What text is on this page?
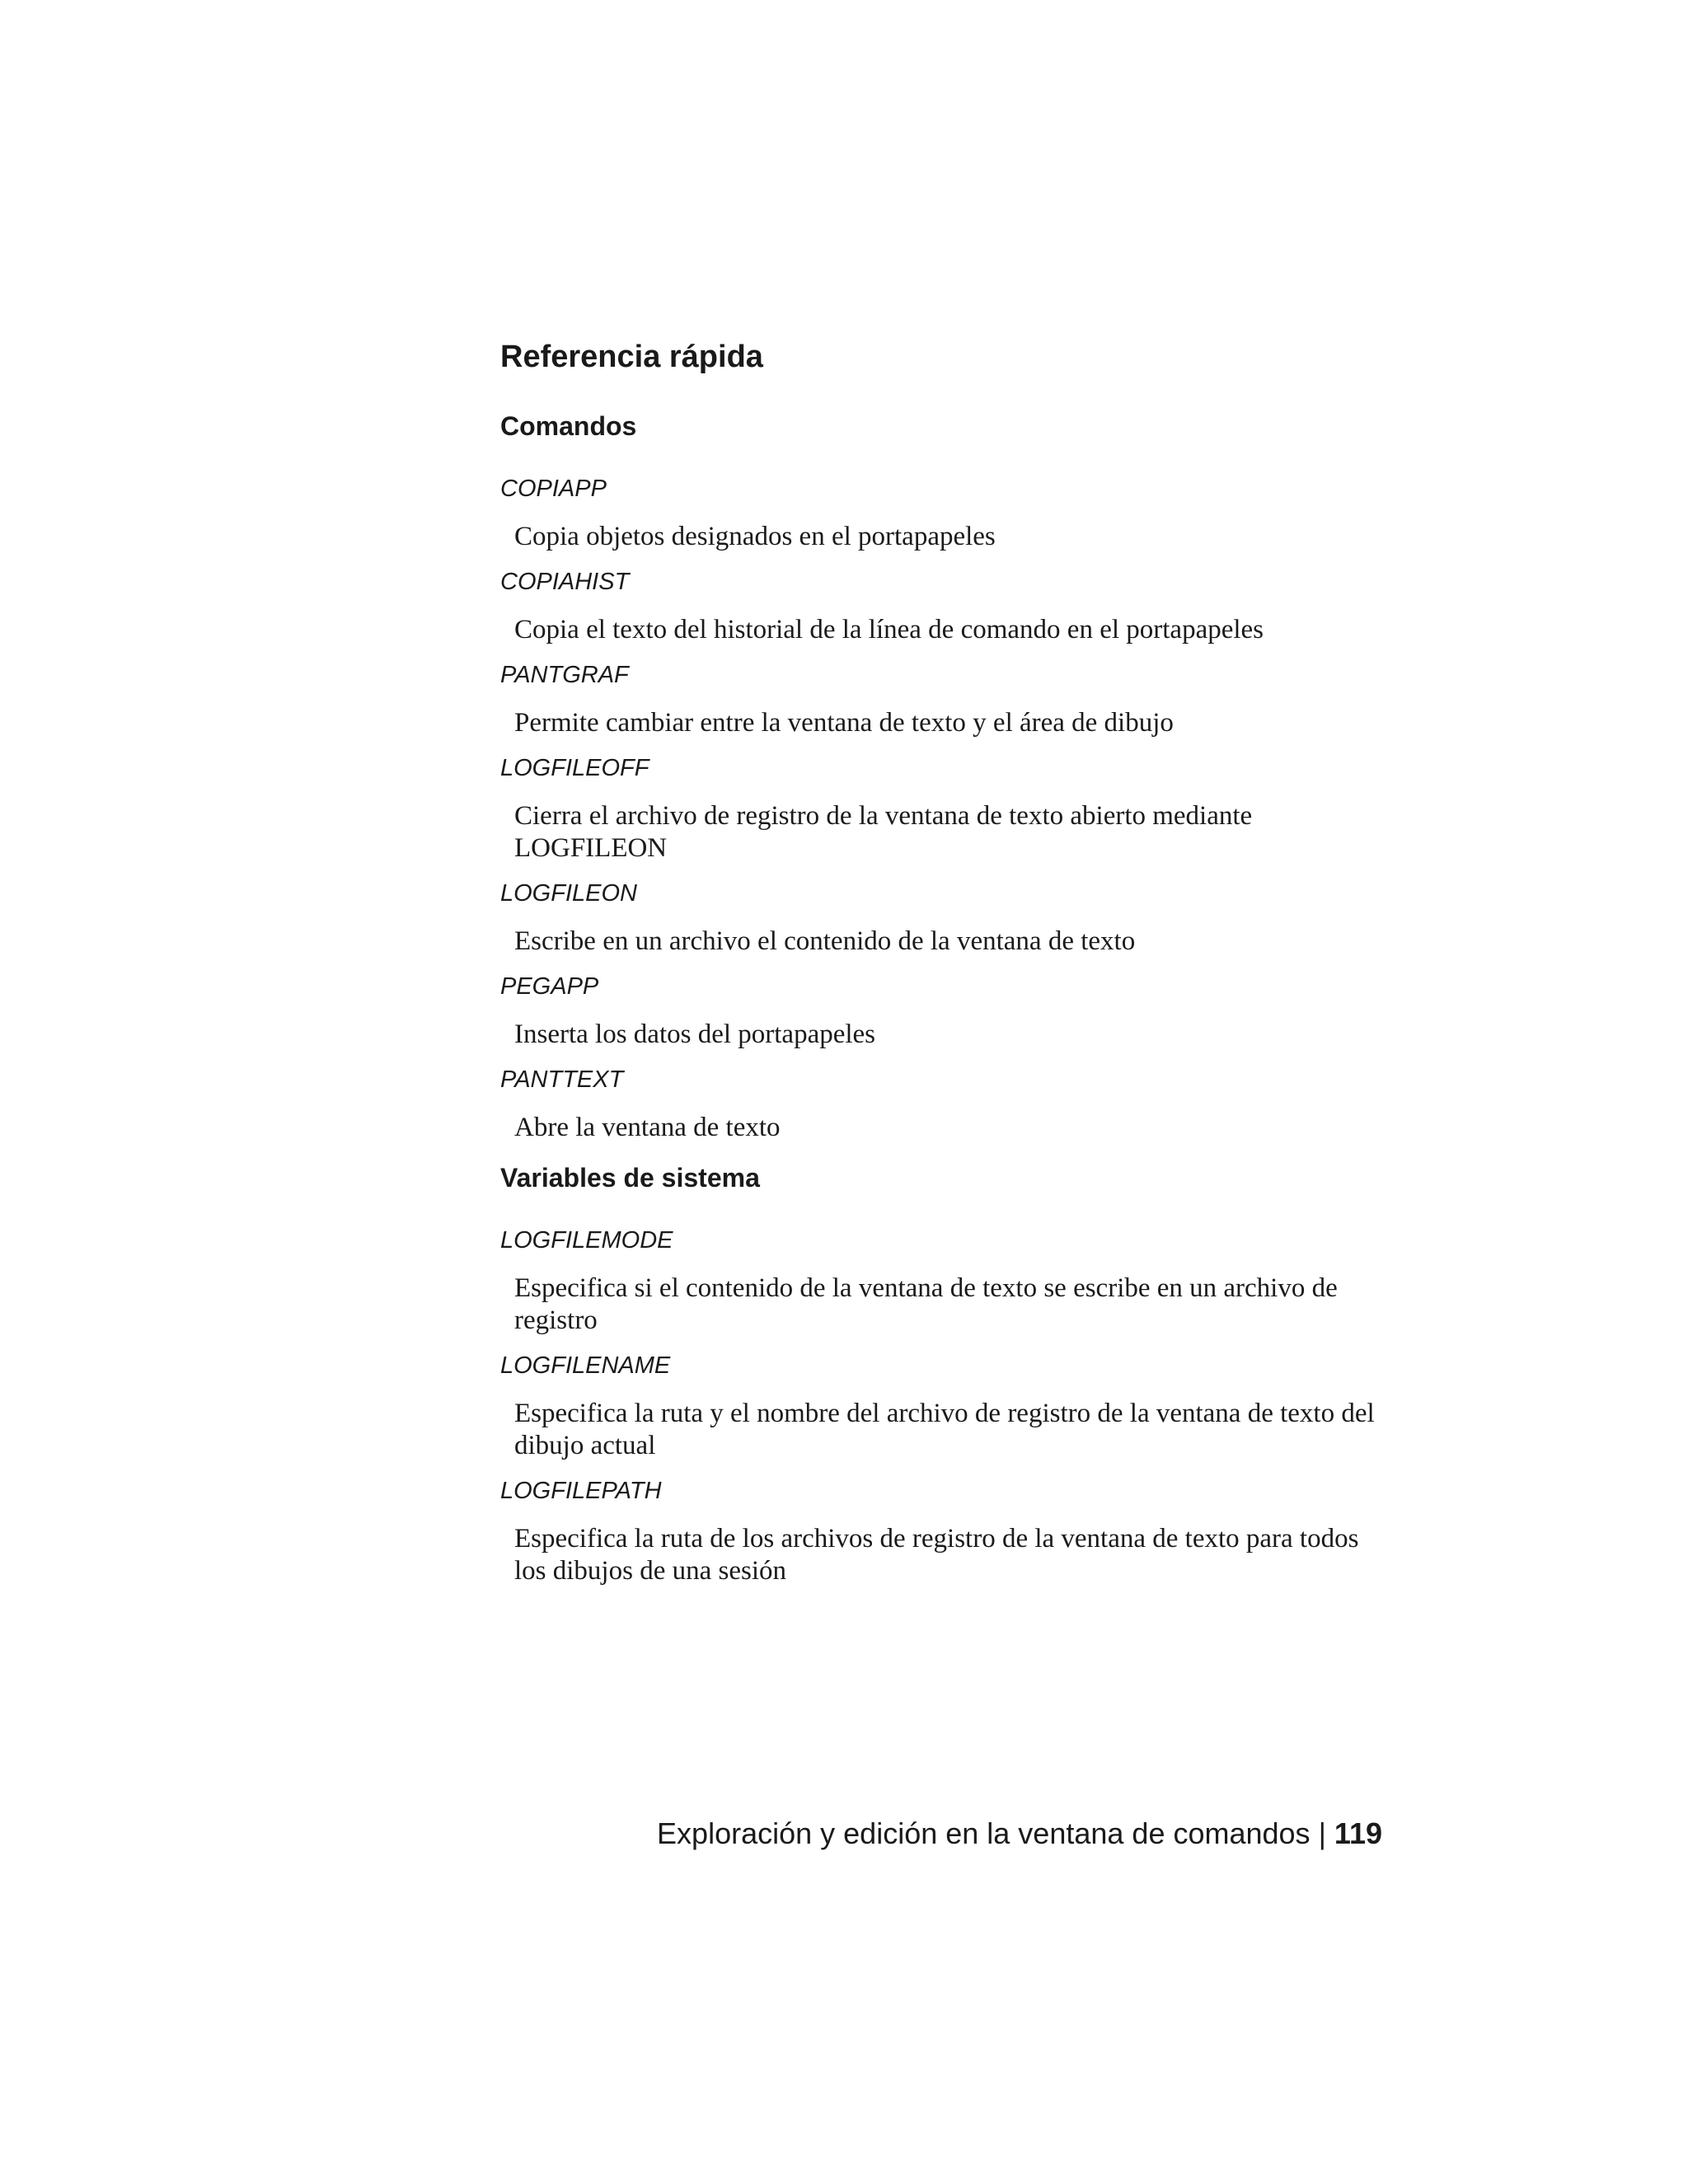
Referencia rápida
Comandos

COPIAPP

Copia objetos designados en el portapapeles

COPIAHIST

Copia el texto del historial de la línea de comando en el portapapeles

PANTGRAF

Permite cambiar entre la ventana de texto y el área de dibujo

LOGFILEOFF

Cierra el archivo de registro de la ventana de texto abierto mediante LOGFILEON

LOGFILEON

Escribe en un archivo el contenido de la ventana de texto

PEGAPP

Inserta los datos del portapapeles

PANTTEXT

Abre la ventana de texto

Variables de sistema

LOGFILEMODE

Especifica si el contenido de la ventana de texto se escribe en un archivo de registro

LOGFILENAME

Especifica la ruta y el nombre del archivo de registro de la ventana de texto del dibujo actual

LOGFILEPATH

Especifica la ruta de los archivos de registro de la ventana de texto para todos los dibujos de una sesión

Exploración y edición en la ventana de comandos | 119
